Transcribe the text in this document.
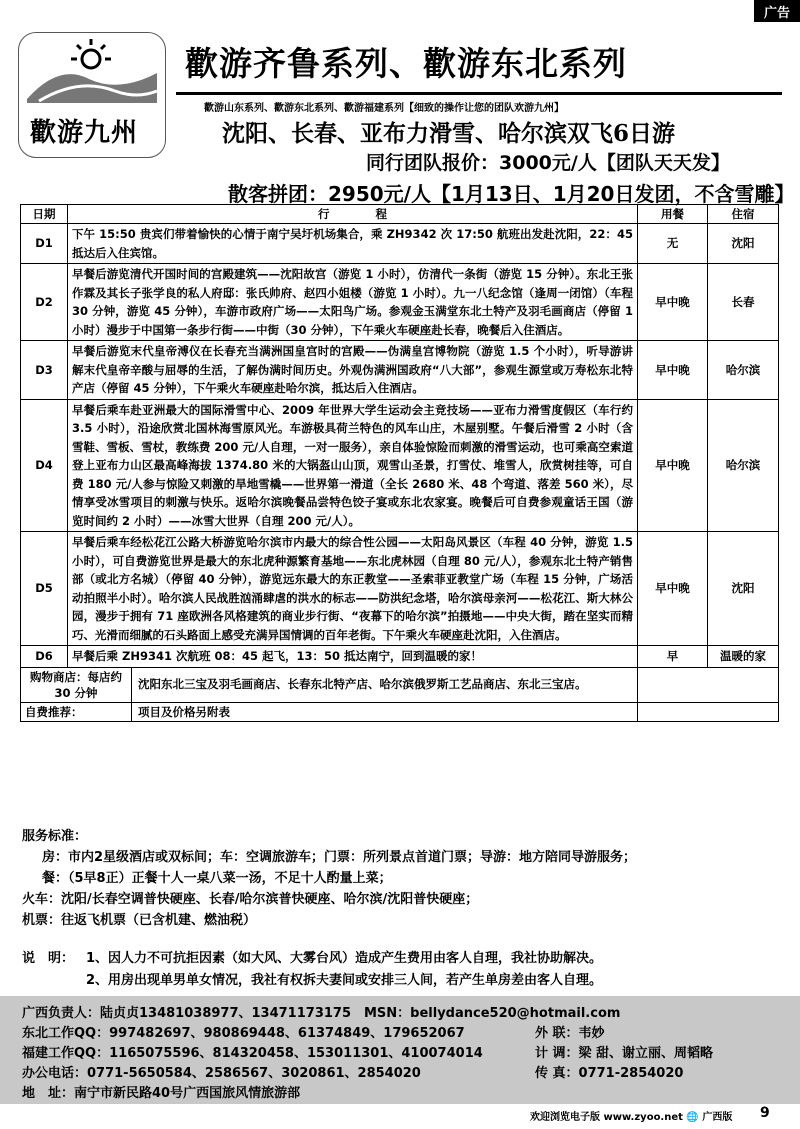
广告
歡游九州
歡游齐鲁系列、歡游东北系列
歡游山东系列、歡游东北系列、歡游福建系列【细致的操作让您的团队欢游九州】
沈阳、长春、亚布力滑雪、哈尔滨双飞6日游
同行团队报价：3000元/人【团队天天发】
散客拼团：2950元/人【1月13日、1月20日发团，不含雪雕】
日期	行　　　　程	用餐	住宿
D1	下午 15:50 贵宾们带着愉快的心情于南宁吴圩机场集合，乘 ZH9342 次 17:50 航班出发赴沈阳，22：45 抵达后入住宾馆。	无	沈阳
D2	早餐后游览清代开国时间的宫殿建筑——沈阳故宫（游览 1 小时），仿清代一条街（游览 15 分钟）。东北王张作霖及其长子张学良的私人府邸：张氏帅府、赵四小姐楼（游览 1 小时）。九一八纪念馆（逢周一闭馆）（车程 30 分钟，游览 45 分钟），车游市政府广场——太阳鸟广场。参观金玉满堂东北土特产及羽毛画商店（停留 1 小时）漫步于中国第一条步行街——中街（30 分钟），下午乘火车硬座赴长春，晚餐后入住酒店。	早中晚	长春
D3	早餐后游览末代皇帝溥仪在长春充当满洲国皇宫时的宫殿——伪满皇宫博物院（游览 1.5 个小时），听导游讲解末代皇帝辛酸与屈辱的生活，了解伪满时间历史。外观伪满洲国政府“八大部”，参观生源堂或万寿松东北特产店（停留 45 分钟），下午乘火车硬座赴哈尔滨，抵达后入住酒店。	早中晚	哈尔滨
D4	早餐后乘车赴亚洲最大的国际滑雪中心、2009 年世界大学生运动会主竞技场——亚布力滑雪度假区（车行约 3.5 小时），沿途欣赏北国林海雪原风光。车游极具荷兰特色的风车山庄，木屋别墅。午餐后滑雪 2 小时（含雪鞋、雪板、雪杖，教练费 200 元/人自理，一对一服务），亲自体验惊险而刺激的滑雪运动，也可乘高空索道登上亚布力山区最高峰海拔 1374.80 米的大锅盔山山顶，观雪山圣景，打雪仗、堆雪人，欣赏树挂等，可自费 180 元/人参与惊险又刺激的旱地雪橇——世界第一滑道（全长 2680 米、48 个弯道、落差 560 米），尽情享受冰雪项目的刺激与快乐。返哈尔滨晚餐品尝特色饺子宴或东北农家宴。晚餐后可自费参观童话王国（游览时间约 2 小时）——冰雪大世界（自理 200 元/人）。	早中晚	哈尔滨
D5	早餐后乘车经松花江公路大桥游览哈尔滨市内最大的综合性公园——太阳岛风景区（车程 40 分钟，游览 1.5 小时），可自费游览世界是最大的东北虎种源繁育基地——东北虎林园（自理 80 元/人），参观东北土特产销售部（或北方名城）（停留 40 分钟），游览远东最大的东正教堂——圣索菲亚教堂广场（车程 15 分钟，广场活动拍照半小时）。哈尔滨人民战胜汹涌肆虐的洪水的标志——防洪纪念塔，哈尔滨母亲河——松花江、斯大林公园，漫步于拥有 71 座欧洲各风格建筑的商业步行街、“夜幕下的哈尔滨”拍摄地——中央大街，踏在坚实而精巧、光滑而细腻的石头路面上感受充满异国情调的百年老街。下午乘火车硬座赴沈阳，入住酒店。	早中晚	沈阳
D6	早餐后乘 ZH9341 次航班 08：45 起飞，13：50 抵达南宁，回到温暖的家！	早	温暖的家

购物商店：每店约 30 分钟
沈阳东北三宝及羽毛画商店、长春东北特产店、哈尔滨俄罗斯工艺品商店、东北三宝店。			

自费推荐： 项目及价格另附表			

服务标准：
房：市内2星级酒店或双标间；车：空调旅游车；门票：所列景点首道门票；导游：地方陪同导游服务；
餐：（5早8正）正餐十人一桌八菜一汤，不足十人酌量上菜；
火车：沈阳/长春空调普快硬座、长春/哈尔滨普快硬座、哈尔滨/沈阳普快硬座；
机票：往返飞机票（已含机建、燃油税）
说　明： 1、因人力不可抗拒因素（如大风、大雾台风）造成产生费用由客人自理，我社协助解决。
2、用房出现单男单女情况，我社有权拆夫妻间或安排三人间，若产生单房差由客人自理。
广西负责人：陆贞贞13481038977、13471173175　MSN：bellydance520@hotmail.com
东北工作QQ：997482697、980869448、61374849、179652067	外 联：韦妙
福建工作QQ：1165075596、814320458、153011301、410074014	计 调：梁 甜、谢立丽、周韬略
办公电话：0771-5650584、2586567、3020861、2854020	传 真：0771-2854020
地　址：南宁市新民路40号广西国旅风情旅游部
欢迎浏览电子版 www.zyoo.net 🌐 广西版 9
